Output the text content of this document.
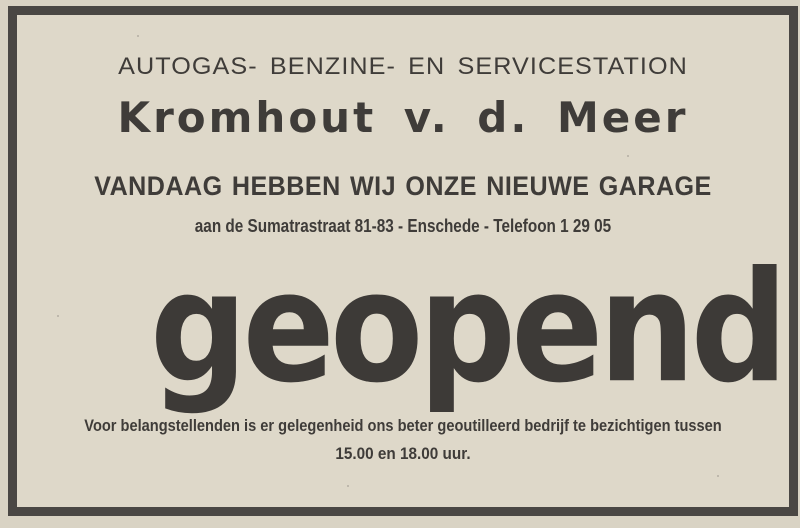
AUTOGAS- BENZINE- EN SERVICESTATION
Kromhout v. d. Meer
VANDAAG HEBBEN WIJ ONZE NIEUWE GARAGE
aan de Sumatrastraat 81-83 - Enschede - Telefoon 1 29 05
geopend
Voor belangstellenden is er gelegenheid ons beter geoutilleerd bedrijf te bezichtigen tussen
15.00 en 18.00 uur.
